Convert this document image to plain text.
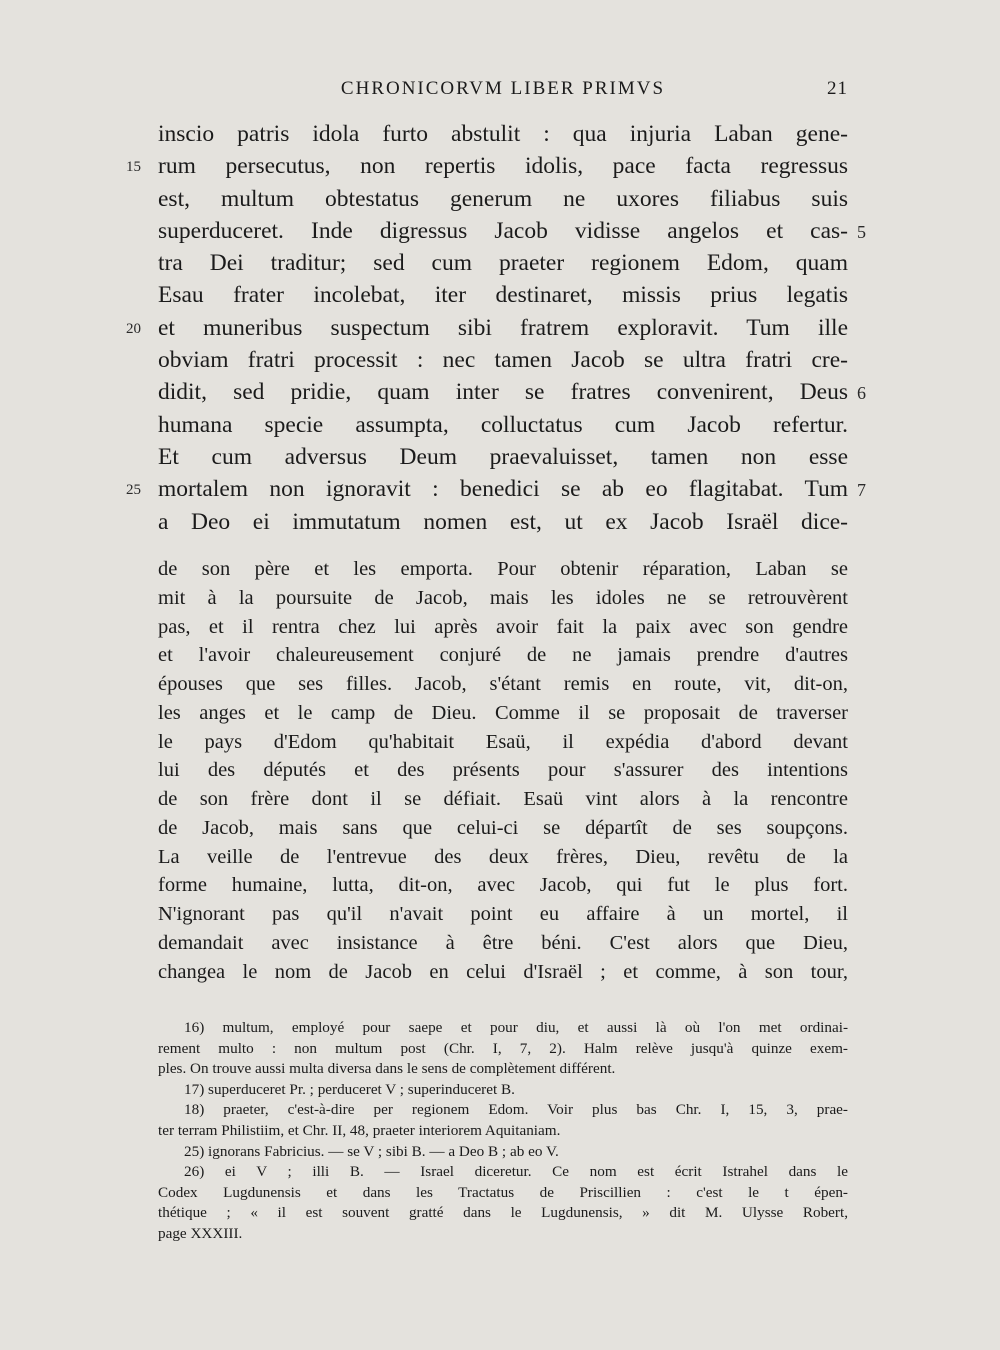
CHRONICORVM LIBER PRIMVS	21
inscio patris idola furto abstulit : qua injuria Laban gene-
15 rum persecutus, non repertis idolis, pace facta regressus
est, multum obtestatus generum ne uxores filiabus suis
superduceret. Inde digressus Jacob vidisse angelos et cas- 5
tra Dei traditur; sed cum praeter regionem Edom, quam
Esau frater incolebat, iter destinaret, missis prius legatis
20 et muneribus suspectum sibi fratrem exploravit. Tum ille
obviam fratri processit : nec tamen Jacob se ultra fratri cre-
didit, sed pridie, quam inter se fratres convenirent, Deus 6
humana specie assumpta, colluctatus cum Jacob refertur.
Et cum adversus Deum praevaluisset, tamen non esse
25 mortalem non ignoravit : benedici se ab eo flagitabat. Tum 7
a Deo ei immutatum nomen est, ut ex Jacob Israël dice-
de son père et les emporta. Pour obtenir réparation, Laban se
mit à la poursuite de Jacob, mais les idoles ne se retrouvèrent
pas, et il rentra chez lui après avoir fait la paix avec son gendre
et l'avoir chaleureusement conjuré de ne jamais prendre d'autres
épouses que ses filles. Jacob, s'étant remis en route, vit, dit-on,
les anges et le camp de Dieu. Comme il se proposait de traverser
le pays d'Edom qu'habitait Esaü, il expédia d'abord devant
lui des députés et des présents pour s'assurer des intentions
de son frère dont il se défiait. Esaü vint alors à la rencontre
de Jacob, mais sans que celui-ci se départît de ses soupçons.
La veille de l'entrevue des deux frères, Dieu, revêtu de la
forme humaine, lutta, dit-on, avec Jacob, qui fut le plus fort.
N'ignorant pas qu'il n'avait point eu affaire à un mortel, il
demandait avec insistance à être béni. C'est alors que Dieu,
changea le nom de Jacob en celui d'Israël ; et comme, à son tour,
16) multum, employé pour saepe et pour diu, et aussi là où l'on met ordinai-
rement multo : non multum post (Chr. I, 7, 2). Halm relève jusqu'à quinze exem-
ples. On trouve aussi multa diversa dans le sens de complètement différent.
17) superduceret Pr. ; perduceret V ; superinduceret B.
18) praeter, c'est-à-dire per regionem Edom. Voir plus bas Chr. I, 15, 3, prae-
ter terram Philistiim, et Chr. II, 48, praeter interiorem Aquitaniam.
25) ignorans Fabricius. — se V ; sibi B. — a Deo B ; ab eo V.
26) ei V ; illi B. — Israel diceretur. Ce nom est écrit Istrahel dans le
Codex Lugdunensis et dans les Tractatus de Priscillien : c'est le t épen-
thétique ; « il est souvent gratté dans le Lugdunensis, » dit M. Ulysse Robert,
page XXXIII.
